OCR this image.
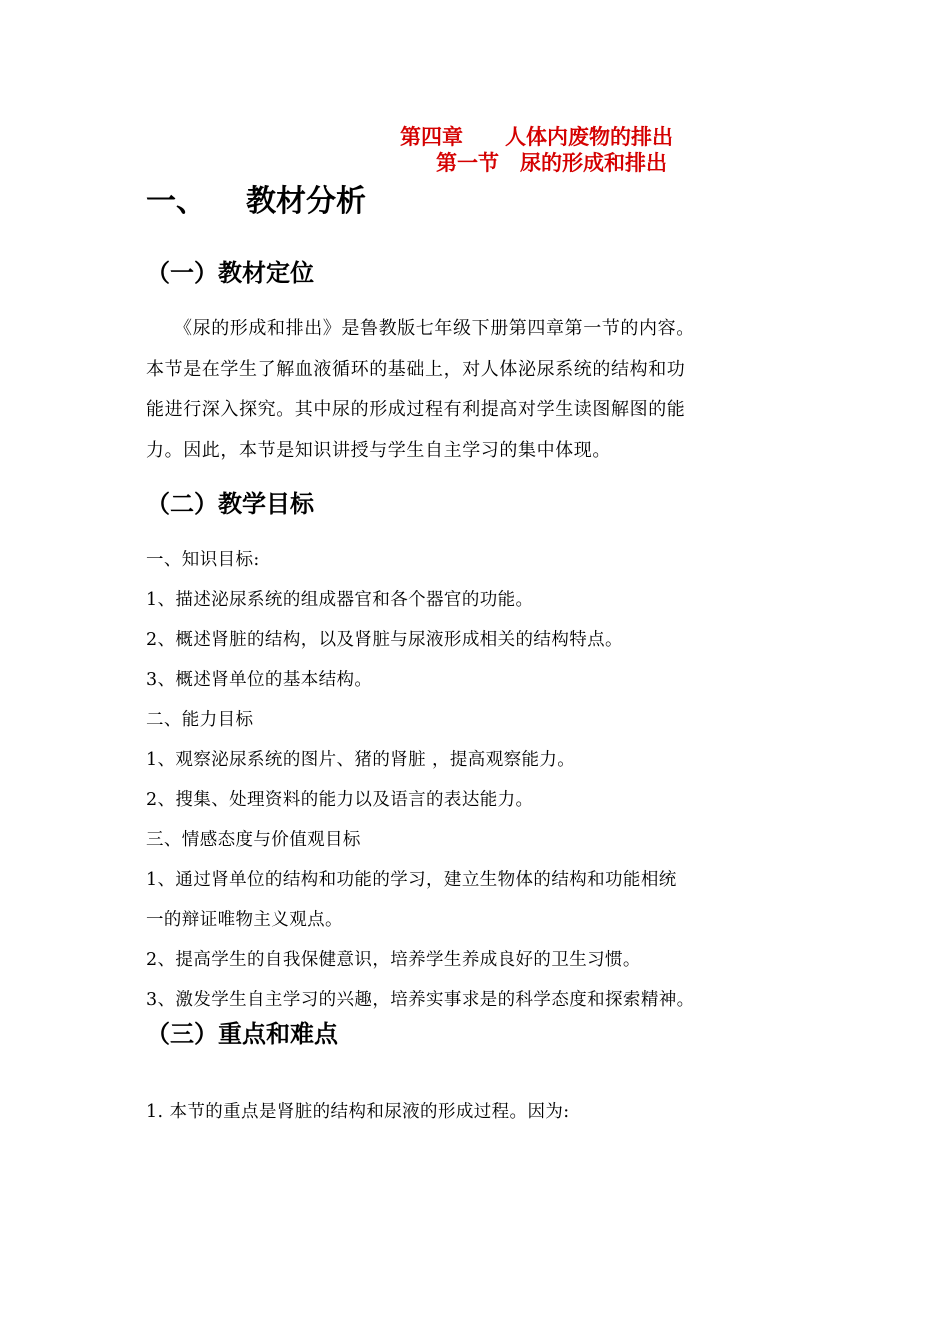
第四章　　人体内废物的排出
第一节　尿的形成和排出
一、 教材分析
（一）教材定位
《尿的形成和排出》是鲁教版七年级下册第四章第一节的内容。
本节是在学生了解血液循环的基础上，对人体泌尿系统的结构和功
能进行深入探究。其中尿的形成过程有利提高对学生读图解图的能
力。因此，本节是知识讲授与学生自主学习的集中体现。
（二）教学目标
一、知识目标:
1、描述泌尿系统的组成器官和各个器官的功能。
2、概述肾脏的结构，以及肾脏与尿液形成相关的结构特点。
3、概述肾单位的基本结构。
二、能力目标
1、观察泌尿系统的图片、猪的肾脏 ，提高观察能力。
2、搜集、处理资料的能力以及语言的表达能力。
三、情感态度与价值观目标
1、通过肾单位的结构和功能的学习，建立生物体的结构和功能相统
一的辩证唯物主义观点。
2、提高学生的自我保健意识，培养学生养成良好的卫生习惯。
3、激发学生自主学习的兴趣，培养实事求是的科学态度和探索精神。
（三）重点和难点
1. 本节的重点是肾脏的结构和尿液的形成过程。因为:
